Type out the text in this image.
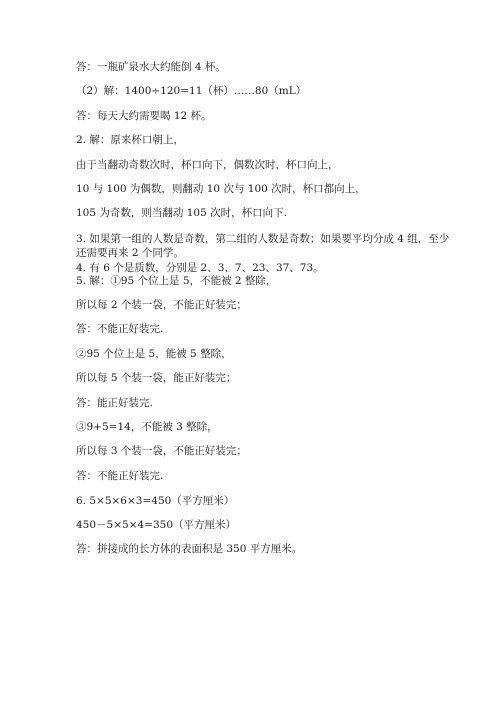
答：一瓶矿泉水大约能倒 4 杯。
（2）解：1400÷120=11（杯）……80（mL）
答：每天大约需要喝 12 杯。
2. 解：原来杯口朝上，
由于当翻动奇数次时，杯口向下，偶数次时，杯口向上，
10 与 100 为偶数，则翻动 10 次与 100 次时，杯口都向上，
105 为奇数，则当翻动 105 次时，杯口向下.
3. 如果第一组的人数是奇数，第二组的人数是奇数；如果要平均分成 4 组，至少还需要再来 2 个同学。
4. 有 6 个是质数，分别是 2、3、7、23、37、73。
5. 解：①95 个位上是 5，不能被 2 整除，
所以每 2 个装一袋，不能正好装完；
答：不能正好装完.
②95 个位上是 5，能被 5 整除，
所以每 5 个装一袋，能正好装完；
答：能正好装完.
③9+5=14，不能被 3 整除，
所以每 3 个装一袋，不能正好装完；
答：不能正好装完.
6. 5×5×6×3=450（平方厘米）
450－5×5×4=350（平方厘米）
答：拼接成的长方体的表面积是 350 平方厘米。
